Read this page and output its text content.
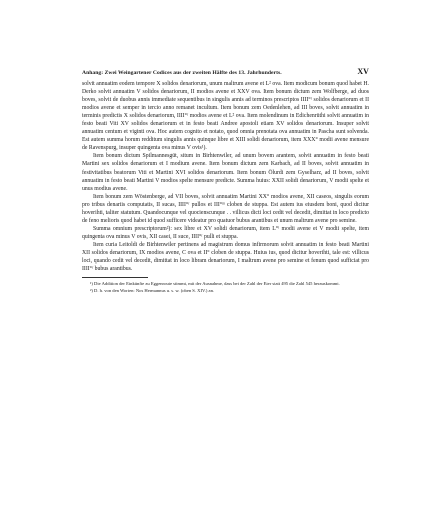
Anhang: Zwei Weingartener Codices aus der zweiten Hälfte des 13. Jahrhunderts.	XV

solvit annuatim eodem tempore X solidos denariorum, unum maltrum avene et L² ova. Item modicum bonum quod habet H. Derko solvit annuatim V solidos denariorum, II modios avene et XXV ova. Item bonum dictum zem Wolfberge, ad duos boves, solvit de duobus annis immediate sequentibus in singulis annis ad terminos prescriptos IIII°ʳ solidos denariorum et II modios avene et semper in tercio anno remanet incultum. Item bonum zem Oedenlehen, ad III boves, solvit annuatim in terminis predictis X solidos denariorum, IIII°ʳ modios avene et L² ova. Item molendinum in Edichenrüthi solvit annuatim in festo beati Viti XV solidos denariorum et in festo beati Andree apostoli etiam XV solidos denariorum. Insuper solvit annuatim centum et viginti ova. Hoc autem cognito et notato, quod omnia prenotata ova annuatim in Pascha sunt solvenda. Est autem summa horum redditum singulis annis quinque libre et XIII solidi denariorum, item XXX° modii avene mensure de Ravenspurg, insuper quingenta ova minus V ovis¹).

Item bonum dictum Spilmannesgüt, situm in Birhtenwiler, ad unum bovem arantem, solvit annuatim in festo beati Martini sex solidos denariorum et I modium avene. Item bonum dictum zem Karbach, ad II boves, solvit annuatim in festivitatibus beatorum Viti et Martini XVI solidos denariorum. Item bonum Ölurdi zem Gyselharz, ad II boves, solvit annuatim in festo beati Martini V modios spelte mensure predicte. Summa huius: XXII solidi denariorum, V modii spelte et unus modius avene.

Item bonum zem Wöstenberge, ad VII boves, solvit annuatim Martini XX° modios avene, XII caseos, singulis eorum pro tribus denariis computatis, II sucas, IIII°ʳ pullos et III°ᵐ cloben de stuppa. Est autem ius eiusdem boni, quod dicitur hoverihti, taliter statutum. Quandocunque vel quocienscunque . . villicus dicti loci cedit vel decedit, dimittat in loco predicto de feno melioris quod habet id quod sufficere videatur pro quatuor bubus arantibus et unum maltrum avene pro semine.

Summa omnium prescriptorum²): sex libre et XV solidi denariorum, item L°ᵗ modii avene et V modii spelte, item quingenta ova minus V ovis, XII casei, II suce, IIII°ʳ pulli et stuppa.

Item curia Leitoldi de Birhtenwiler pertinens ad magistrum domus infirmorum solvit annuatim in festo beati Martini XII solidos denariorum, IX modios avene, C ova et II° cloben de stuppa. Huius ius, quod dicitur hoverihti, tale est: villicus loci, quando cedit vel decedit, dimittat in loco libram denariorum, I maltrum avene pro semine et fenum quod sufficiat pro IIII°ʳ bubus arantibus.

¹) Die Addition der Einkünfte zu Eggenroute stimmt, mit der Ausnahme, dass bei der Zahl der Eier statt 495 die Zahl 545 herauskommt.

²) D. h. von den Worten: Nos Hermannus u. s. w. (oben S. XIV.) an.
